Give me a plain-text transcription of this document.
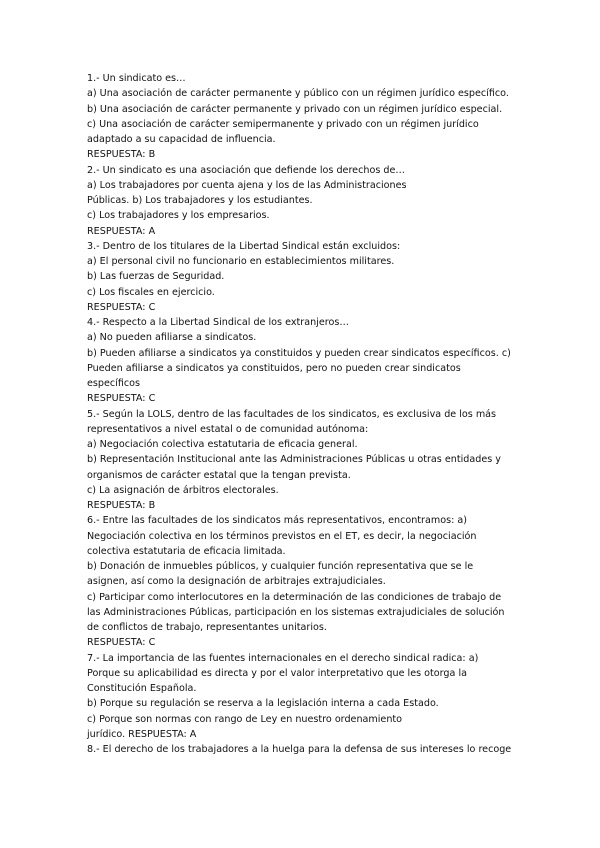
1.- Un sindicato es…
a) Una asociación de carácter permanente y público con un régimen jurídico específico.
b) Una asociación de carácter permanente y privado con un régimen jurídico especial.
c) Una asociación de carácter semipermanente y privado con un régimen jurídico
adaptado a su capacidad de influencia.
RESPUESTA: B
2.- Un sindicato es una asociación que defiende los derechos de…
a) Los trabajadores por cuenta ajena y los de las Administraciones
Públicas. b) Los trabajadores y los estudiantes.
c) Los trabajadores y los empresarios.
RESPUESTA: A
3.- Dentro de los titulares de la Libertad Sindical están excluidos:
a) El personal civil no funcionario en establecimientos militares.
b) Las fuerzas de Seguridad.
c) Los fiscales en ejercicio.
RESPUESTA: C
4.- Respecto a la Libertad Sindical de los extranjeros…
a) No pueden afiliarse a sindicatos.
b) Pueden afiliarse a sindicatos ya constituidos y pueden crear sindicatos específicos. c)
Pueden afiliarse a sindicatos ya constituidos, pero no pueden crear sindicatos
específicos
RESPUESTA: C
5.- Según la LOLS, dentro de las facultades de los sindicatos, es exclusiva de los más
representativos a nivel estatal o de comunidad autónoma:
a) Negociación colectiva estatutaria de eficacia general.
b) Representación Institucional ante las Administraciones Públicas u otras entidades y
organismos de carácter estatal que la tengan prevista.
c) La asignación de árbitros electorales.
RESPUESTA: B
6.- Entre las facultades de los sindicatos más representativos, encontramos: a)
Negociación colectiva en los términos previstos en el ET, es decir, la negociación
colectiva estatutaria de eficacia limitada.
b) Donación de inmuebles públicos, y cualquier función representativa que se le
asignen, así como la designación de arbitrajes extrajudiciales.
c) Participar como interlocutores en la determinación de las condiciones de trabajo de
las Administraciones Públicas, participación en los sistemas extrajudiciales de solución
de conflictos de trabajo, representantes unitarios.
RESPUESTA: C
7.- La importancia de las fuentes internacionales en el derecho sindical radica: a)
Porque su aplicabilidad es directa y por el valor interpretativo que les otorga la
Constitución Española.
b) Porque su regulación se reserva a la legislación interna a cada Estado.
c) Porque son normas con rango de Ley en nuestro ordenamiento
jurídico. RESPUESTA: A
8.- El derecho de los trabajadores a la huelga para la defensa de sus intereses lo recoge
